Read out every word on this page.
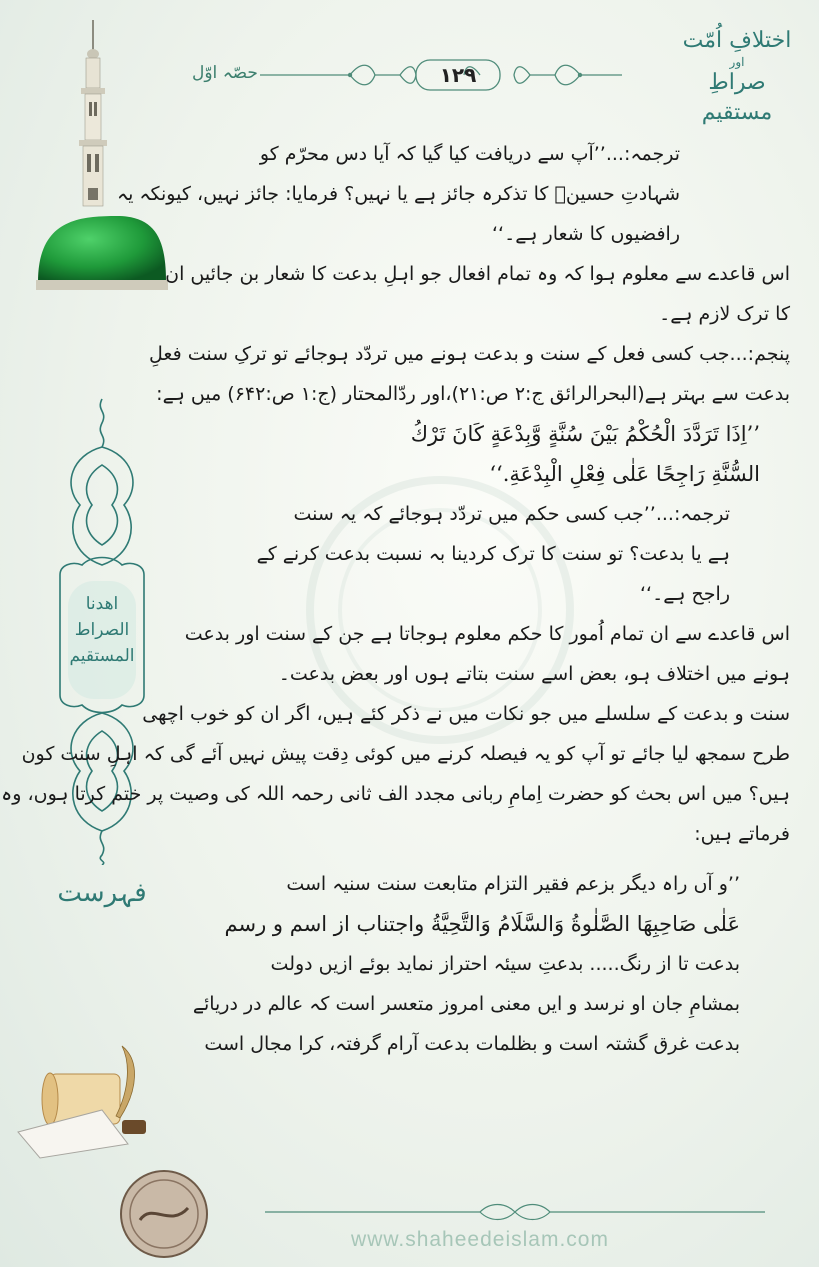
اختلافِ اُمّت
اور
صراطِ مستقیم
۱۲۹
حصّہ اوّل
اھدنا
الصراط المستقیم
فہرست
ترجمہ:...’’آپ سے دریافت کیا گیا کہ آیا دس محرّم کو
شہادتِ حسینؓ کا تذکرہ جائز ہے یا نہیں؟ فرمایا: جائز نہیں، کیونکہ یہ
رافضیوں کا شعار ہے۔‘‘
اس قاعدے سے معلوم ہوا کہ وہ تمام افعال جو اہلِ بدعت کا شعار بن جائیں ان
کا ترک لازم ہے۔
پنجم:...جب کسی فعل کے سنت و بدعت ہونے میں تردّد ہوجائے تو ترکِ سنت فعلِ
بدعت سے بہتر ہے(البحرالرائق ج:۲ ص:۲۱)،اور ردّالمحتار (ج:۱ ص:۶۴۲) میں ہے:
’’اِذَا تَرَدَّدَ الْحُكْمُ بَيْنَ سُنَّةٍ وَّبِدْعَةٍ كَانَ تَرْكُ
السُّنَّةِ رَاجِحًا عَلٰى فِعْلِ الْبِدْعَةِ.‘‘
ترجمہ:...’’جب کسی حکم میں تردّد ہوجائے کہ یہ سنت
ہے یا بدعت؟ تو سنت کا ترک کردینا بہ نسبت بدعت کرنے کے
راجح ہے۔‘‘
اس قاعدے سے ان تمام اُمور کا حکم معلوم ہوجاتا ہے جن کے سنت اور بدعت
ہونے میں اختلاف ہو، بعض اسے سنت بتاتے ہوں اور بعض بدعت۔
سنت و بدعت کے سلسلے میں جو نکات میں نے ذکر کئے ہیں، اگر ان کو خوب اچھی
طرح سمجھ لیا جائے تو آپ کو یہ فیصلہ کرنے میں کوئی دِقت پیش نہیں آئے گی کہ اہلِ سنت کون
ہیں؟ میں اس بحث کو حضرت اِمامِ ربانی مجدد الف ثانی رحمہ اللہ کی وصیت پر ختم کرتا ہوں، وہ
فرماتے ہیں:
’’و آں راہ دیگر بزعم فقیر التزام متابعت سنت سنیہ است
عَلٰى صَاحِبِهَا الصَّلٰوةُ وَالسَّلَامُ وَالتَّحِيَّةُ واجتناب از اسم و رسم
بدعت تا از رنگ..... بدعتِ سیئہ احتراز نماید بوئے ازیں دولت
بمشامِ جان او نرسد و ایں معنی امروز متعسر است کہ عالم در دریائے
بدعت غرق گشتہ است و بظلمات بدعت آرام گرفتہ، کرا مجال است
www.shaheedeislam.com
